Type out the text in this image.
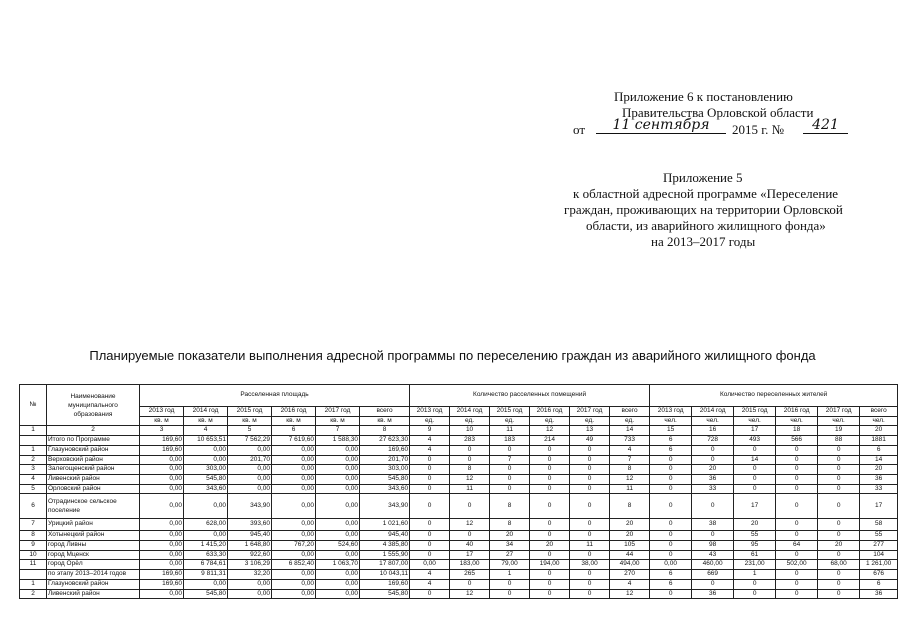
Приложение 6 к постановлению
Правительства Орловской области
от	11 сентября	2015 г. №	421
Приложение 5
к областной адресной программе «Переселение
граждан, проживающих на территории Орловской
области, из аварийного жилищного фонда»
на 2013–2017 годы
Планируемые показатели выполнения адресной программы по переселению граждан из аварийного жилищного фонда
№	Наименование муниципального образования	Расселенная площадь						Количество расселенных помещений						Количество переселенных жителей					
		2013 год	2014 год	2015 год	2016 год	2017 год	всего	2013 год	2014 год	2015 год	2016 год	2017 год	всего	2013 год	2014 год	2015 год	2016 год	2017 год	всего
		кв. м	кв. м	кв. м	кв. м	кв. м	кв. м	ед.	ед.	ед.	ед.	ед.	ед.	чел.	чел.	чел.	чел.	чел.	чел.
1	2	3	4	5	6	7	8	9	10	11	12	13	14	15	16	17	18	19	20
	Итого по Программе	169,60	10 653,51	7 562,29	7 619,60	1 588,30	27 623,30	4	283	183	214	49	733	6	728	493	566	88	1881
1	Глазуновский район	169,60	0,00	0,00	0,00	0,00	169,60	4	0	0	0	0	4	6	0	0	0	0	6
2	Верховский район	0,00	0,00	201,70	0,00	0,00	201,70	0	0	7	0	0	7	0	0	14	0	0	14
3	Залегощенский район	0,00	303,00	0,00	0,00	0,00	303,00	0	8	0	0	0	8	0	20	0	0	0	20
4	Ливенский район	0,00	545,80	0,00	0,00	0,00	545,80	0	12	0	0	0	12	0	36	0	0	0	36
5	Орловский район	0,00	343,60	0,00	0,00	0,00	343,60	0	11	0	0	0	11	0	33	0	0	0	33
6	Отрадинское сельское поселение	0,00	0,00	343,90	0,00	0,00	343,90	0	0	8	0	0	8	0	0	17	0	0	17
7	Урицкий район	0,00	628,00	393,60	0,00	0,00	1 021,60	0	12	8	0	0	20	0	38	20	0	0	58
8	Хотынецкий район	0,00	0,00	945,40	0,00	0,00	945,40	0	0	20	0	0	20	0	0	55	0	0	55
9	город Ливны	0,00	1 415,20	1 648,80	767,20	524,60	4 385,80	0	40	34	20	11	105	0	98	95	64	20	277
10	город Мценск	0,00	633,30	922,60	0,00	0,00	1 555,90	0	17	27	0	0	44	0	43	61	0	0	104
11	город Орёл	0,00	6 784,61	3 106,29	6 852,40	1 063,70	17 807,00	0,00	183,00	79,00	194,00	38,00	494,00	0,00	460,00	231,00	502,00	68,00	1 261,00
	по этапу 2013–2014 годов	169,60	9 811,31	32,20	0,00	0,00	10 043,11	4	265	1	0	0	270	6	669	1	0	0	676
1	Глазуновский район	169,60	0,00	0,00	0,00	0,00	169,60	4	0	0	0	0	4	6	0	0	0	0	6
2	Ливенский район	0,00	545,80	0,00	0,00	0,00	545,80	0	12	0	0	0	12	0	36	0	0	0	36
